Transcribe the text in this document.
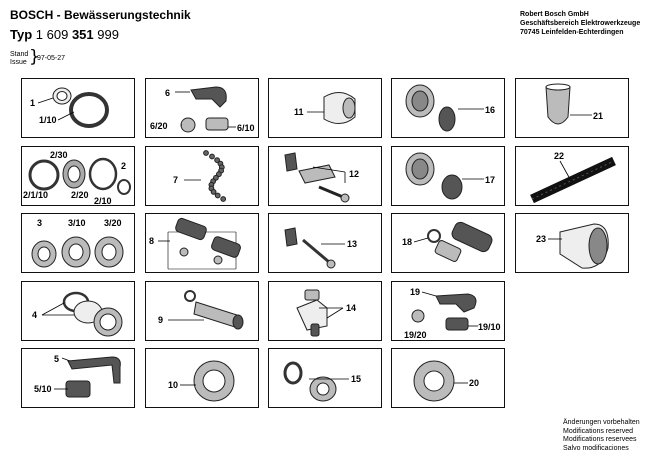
BOSCH - Bewässerungstechnik
Typ 1 609 351 999
Stand
Issue }
97-05-27
Robert Bosch GmbH
Geschäftsbereich Elektrowerkzeuge
70745 Leinfelden-Echterdingen
1
1/10
6
6/20	6/10
11	16
21
2/30
2
2/1/10	2/20
2/10
7
12
17
22
3	3/10 3/20
8	13	18	23
4	9
14
19
19/20
19/10
5
5/10	10
15	20
Änderungen vorbehalten
Modifications reserved
Modifications reservees
Salvo modificaciones
